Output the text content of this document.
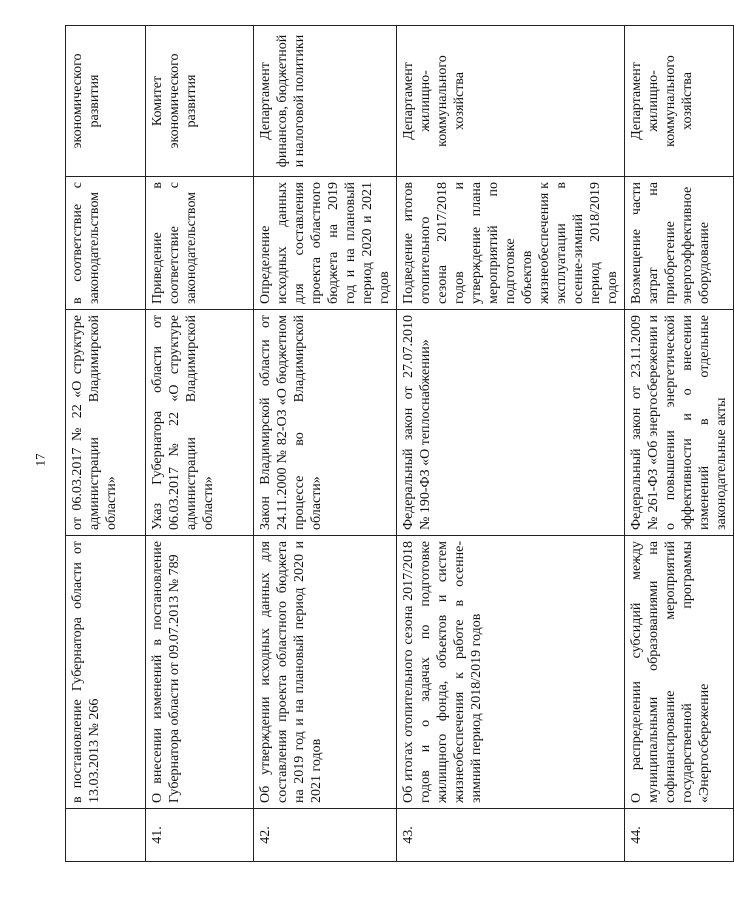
17
	в постановление Губернатора области от 13.03.2013 № 266	от 06.03.2017 № 22 «О структуре администрации Владимирской области»	в соответствие с законодательством	экономического развития
41.	О внесении изменений в постановление Губернатора области от 09.07.2013 № 789	Указ Губернатора области от 06.03.2017 № 22 «О структуре администрации Владимирской области»	Приведение в соответствие с законодательством	Комитет экономического развития
42.	Об утверждении исходных данных для составления проекта областного бюджета на 2019 год и на плановый период 2020 и 2021 годов	Закон Владимирской области от 24.11.2000 № 82-ОЗ «О бюджетном процессе во Владимирской области»	Определение исходных данных для составления проекта областного бюджета на 2019 год и на плановый период 2020 и 2021 годов	Департамент финансов, бюджетной и налоговой политики
43.	Об итогах отопительного сезона 2017/2018 годов и о задачах по подготовке жилищного фонда, объектов и систем жизнеобеспечения к работе в осенне-зимний период 2018/2019 годов	Федеральный закон от 27.07.2010 № 190-ФЗ «О теплоснабжении»	Подведение итогов отопительного сезона 2017/2018 годов и утверждение плана мероприятий по подготовке объектов жизнеобеспечения к эксплуатации в осенне-зимний период 2018/2019 годов	Департамент жилищно-коммунального хозяйства
44.	О распределении субсидий между муниципальными образованиями на софинансирование мероприятий государственной программы «Энергосбережение	Федеральный закон от 23.11.2009 № 261-ФЗ «Об энергосбережении и о повышении энергетической эффективности и о внесении изменений в отдельные законодательные акты	Возмещение части затрат на приобретение энергоэффективное оборудование	Департамент жилищно-коммунального хозяйства
